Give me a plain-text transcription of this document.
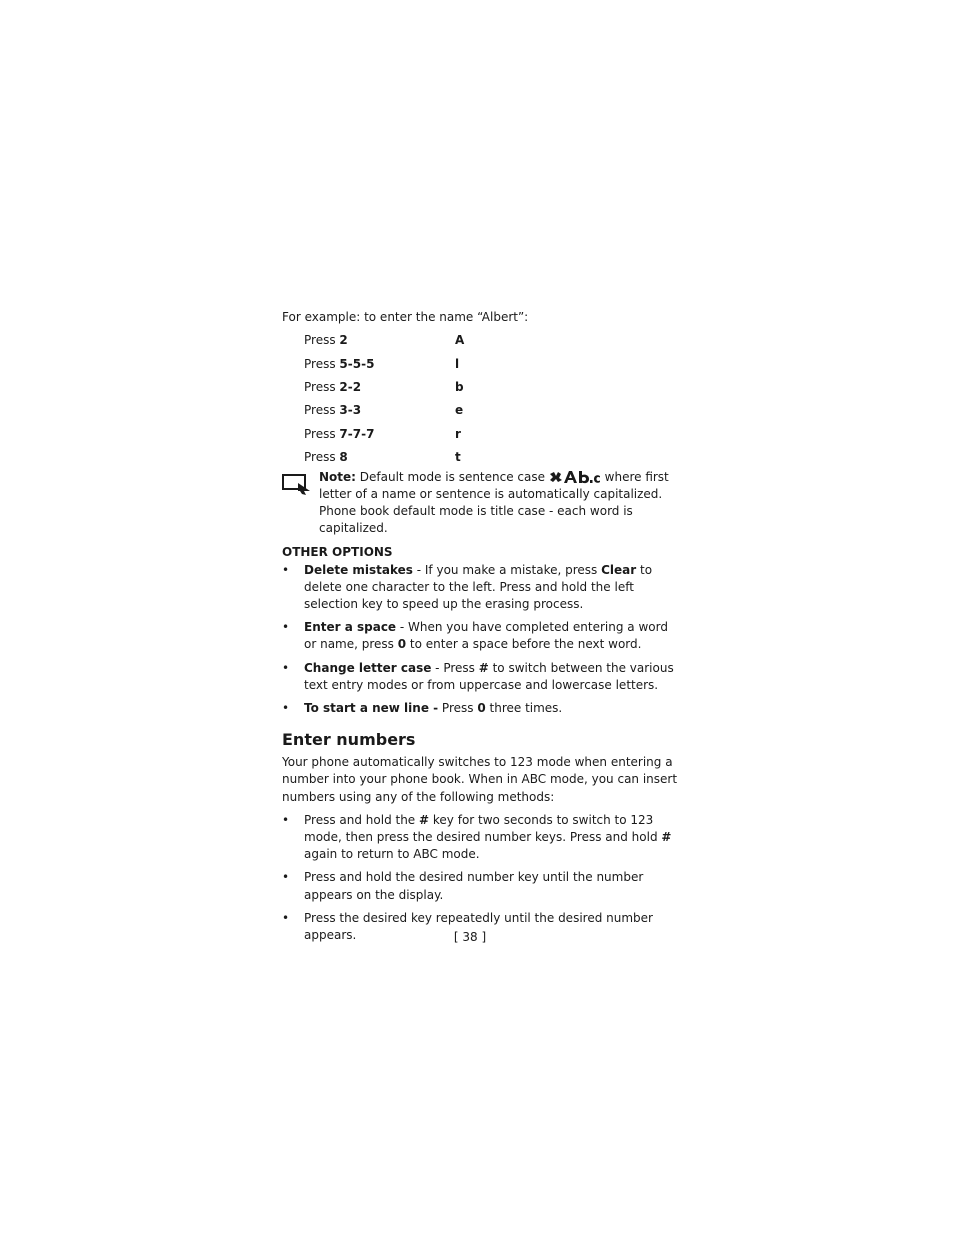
For example: to enter the name “Albert”:

Press 2	A
Press 5-5-5	l
Press 2-2	b
Press 3-3	e
Press 7-7-7	r
Press 8	t
Note: Default mode is sentence case	where first letter of a name or sentence is automatically capitalized. Phone book default mode is title case - each word is capitalized.
OTHER OPTIONS
• Delete mistakes - If you make a mistake, press Clear to delete one character to the left. Press and hold the left selection key to speed up the erasing process.
• Enter a space - When you have completed entering a word or name, press 0 to enter a space before the next word.
• Change letter case - Press # to switch between the various text entry modes or from uppercase and lowercase letters.
• To start a new line - Press 0 three times.
Enter numbers

Your phone automatically switches to 123 mode when entering a number into your phone book. When in ABC mode, you can insert numbers using any of the following methods:

• Press and hold the # key for two seconds to switch to 123 mode, then press the desired number keys. Press and hold # again to return to ABC mode.
• Press and hold the desired number key until the number appears on the display.
• Press the desired key repeatedly until the desired number appears.	[ 38 ]
